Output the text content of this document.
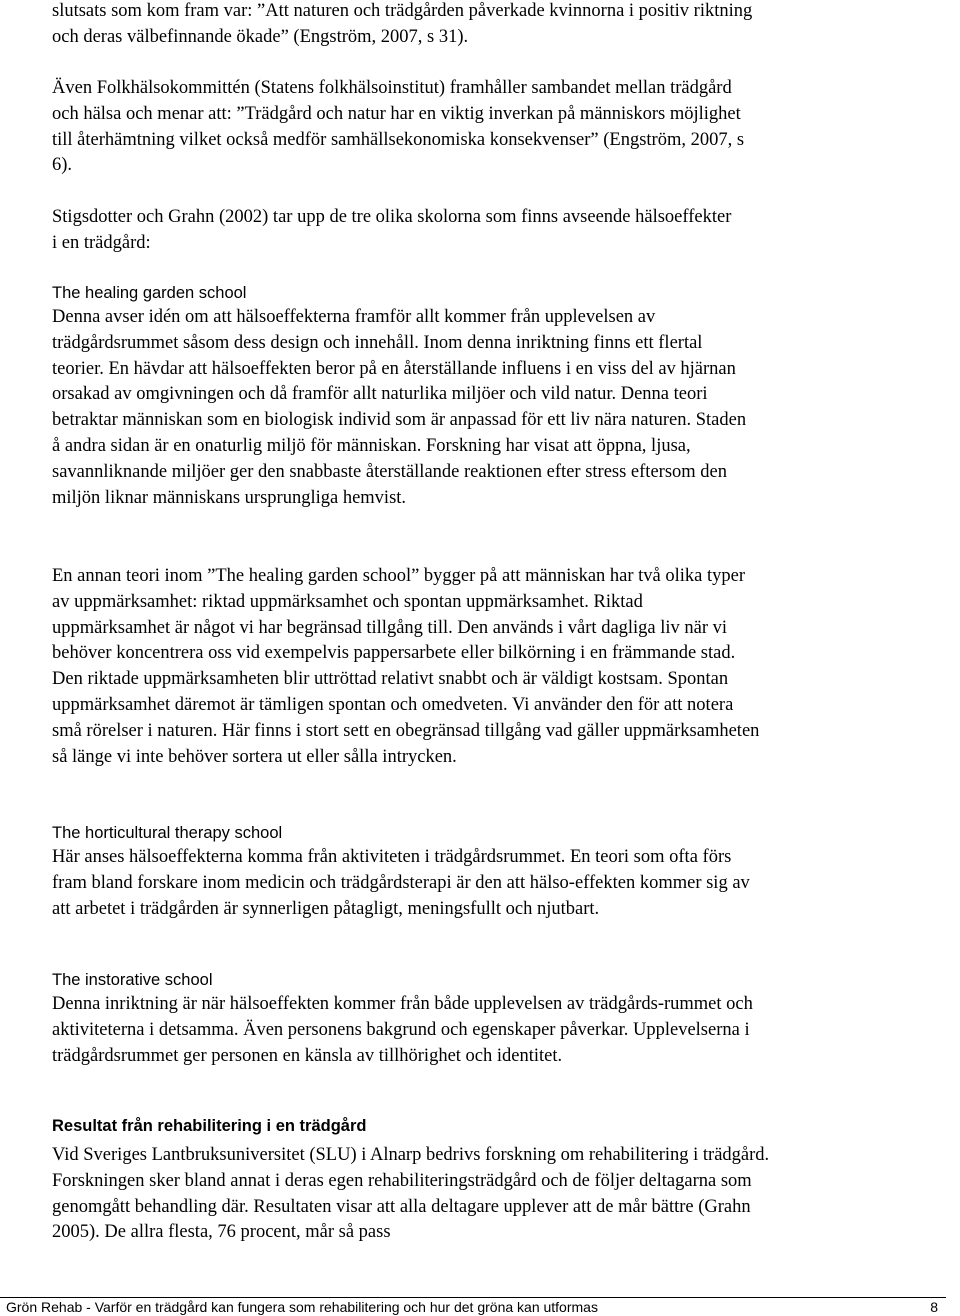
slutsats som kom fram var: ”Att naturen och trädgården påverkade kvinnorna i positiv riktning och deras välbefinnande ökade” (Engström, 2007, s 31).

Även Folkhälsokommittén (Statens folkhälsoinstitut) framhåller sambandet mellan trädgård och hälsa och menar att: ”Trädgård och natur har en viktig inverkan på människors möjlighet till återhämtning vilket också medför samhällsekonomiska konsekvenser” (Engström, 2007, s 6).

Stigsdotter och Grahn (2002) tar upp de tre olika skolorna som finns avseende hälsoeffekter i en trädgård:

The healing garden school

Denna avser idén om att hälsoeffekterna framför allt kommer från upplevelsen av trädgårdsrummet såsom dess design och innehåll. Inom denna inriktning finns ett flertal teorier. En hävdar att hälsoeffekten beror på en återställande influens i en viss del av hjärnan orsakad av omgivningen och då framför allt naturlika miljöer och vild natur. Denna teori betraktar människan som en biologisk individ som är anpassad för ett liv nära naturen. Staden å andra sidan är en onaturlig miljö för människan. Forskning har visat att öppna, ljusa, savannliknande miljöer ger den snabbaste återställande reaktionen efter stress eftersom den miljön liknar människans ursprungliga hemvist.

En annan teori inom ”The healing garden school” bygger på att människan har två olika typer av uppmärksamhet: riktad uppmärksamhet och spontan uppmärksamhet. Riktad uppmärksamhet är något vi har begränsad tillgång till. Den används i vårt dagliga liv när vi behöver koncentrera oss vid exempelvis pappersarbete eller bilkörning i en främmande stad. Den riktade uppmärksamheten blir uttröttad relativt snabbt och är väldigt kostsam. Spontan uppmärksamhet däremot är tämligen spontan och omedveten. Vi använder den för att notera små rörelser i naturen. Här finns i stort sett en obegränsad tillgång vad gäller uppmärksamheten så länge vi inte behöver sortera ut eller sålla intrycken.

The horticultural therapy school

Här anses hälsoeffekterna komma från aktiviteten i trädgårdsrummet. En teori som ofta förs fram bland forskare inom medicin och trädgårdsterapi är den att hälso-effekten kommer sig av att arbetet i trädgården är synnerligen påtagligt, meningsfullt och njutbart.

The instorative school

Denna inriktning är när hälsoeffekten kommer från både upplevelsen av trädgårds-rummet och aktiviteterna i detsamma. Även personens bakgrund och egenskaper påverkar. Upplevelserna i trädgårdsrummet ger personen en känsla av tillhörighet och identitet.

Resultat från rehabilitering i en trädgård

Vid Sveriges Lantbruksuniversitet (SLU) i Alnarp bedrivs forskning om rehabilitering i trädgård. Forskningen sker bland annat i deras egen rehabiliteringsträdgård och de följer deltagarna som genomgått behandling där. Resultaten visar att alla deltagare upplever att de mår bättre (Grahn 2005). De allra flesta, 76 procent, mår så pass

Grön Rehab - Varför en trädgård kan fungera som rehabilitering och hur det gröna kan utformas	8
